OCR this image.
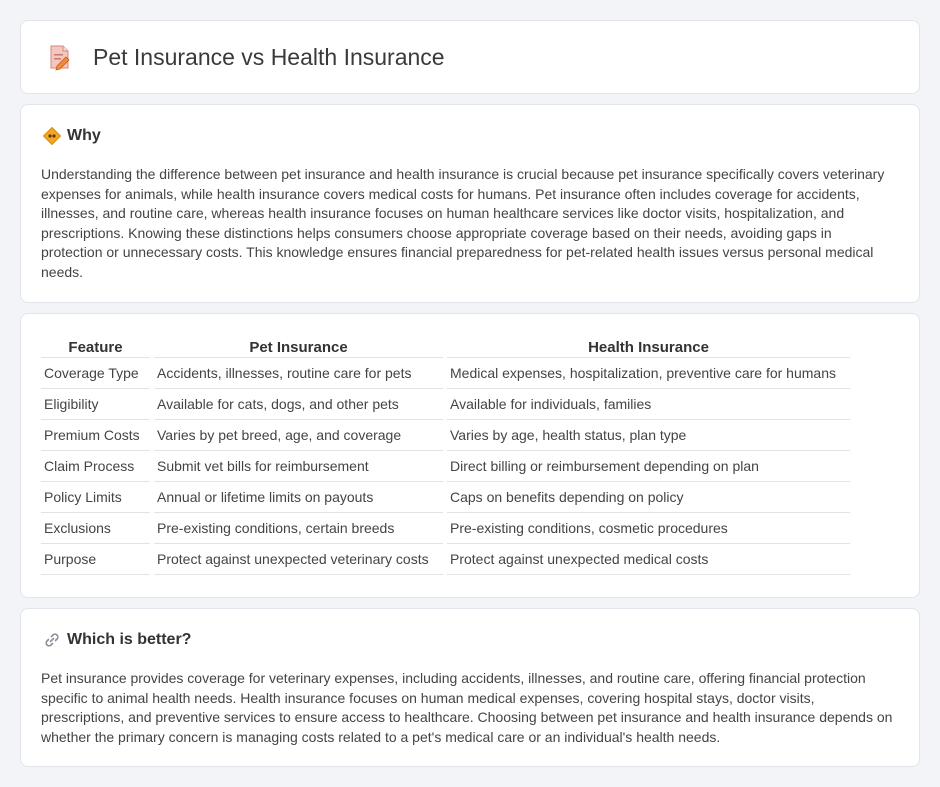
Pet Insurance vs Health Insurance
Why

Understanding the difference between pet insurance and health insurance is crucial because pet insurance specifically covers veterinary expenses for animals, while health insurance covers medical costs for humans. Pet insurance often includes coverage for accidents, illnesses, and routine care, whereas health insurance focuses on human healthcare services like doctor visits, hospitalization, and prescriptions. Knowing these distinctions helps consumers choose appropriate coverage based on their needs, avoiding gaps in protection or unnecessary costs. This knowledge ensures financial preparedness for pet-related health issues versus personal medical needs.

Feature	Pet Insurance	Health Insurance
Coverage Type	Accidents, illnesses, routine care for pets	Medical expenses, hospitalization, preventive care for humans
Eligibility	Available for cats, dogs, and other pets	Available for individuals, families
Premium Costs	Varies by pet breed, age, and coverage	Varies by age, health status, plan type
Claim Process	Submit vet bills for reimbursement	Direct billing or reimbursement depending on plan
Policy Limits	Annual or lifetime limits on payouts	Caps on benefits depending on policy
Exclusions	Pre-existing conditions, certain breeds	Pre-existing conditions, cosmetic procedures
Purpose	Protect against unexpected veterinary costs	Protect against unexpected medical costs
Which is better?

Pet insurance provides coverage for veterinary expenses, including accidents, illnesses, and routine care, offering financial protection specific to animal health needs. Health insurance focuses on human medical expenses, covering hospital stays, doctor visits, prescriptions, and preventive services to ensure access to healthcare. Choosing between pet insurance and health insurance depends on whether the primary concern is managing costs related to a pet's medical care or an individual's health needs.
